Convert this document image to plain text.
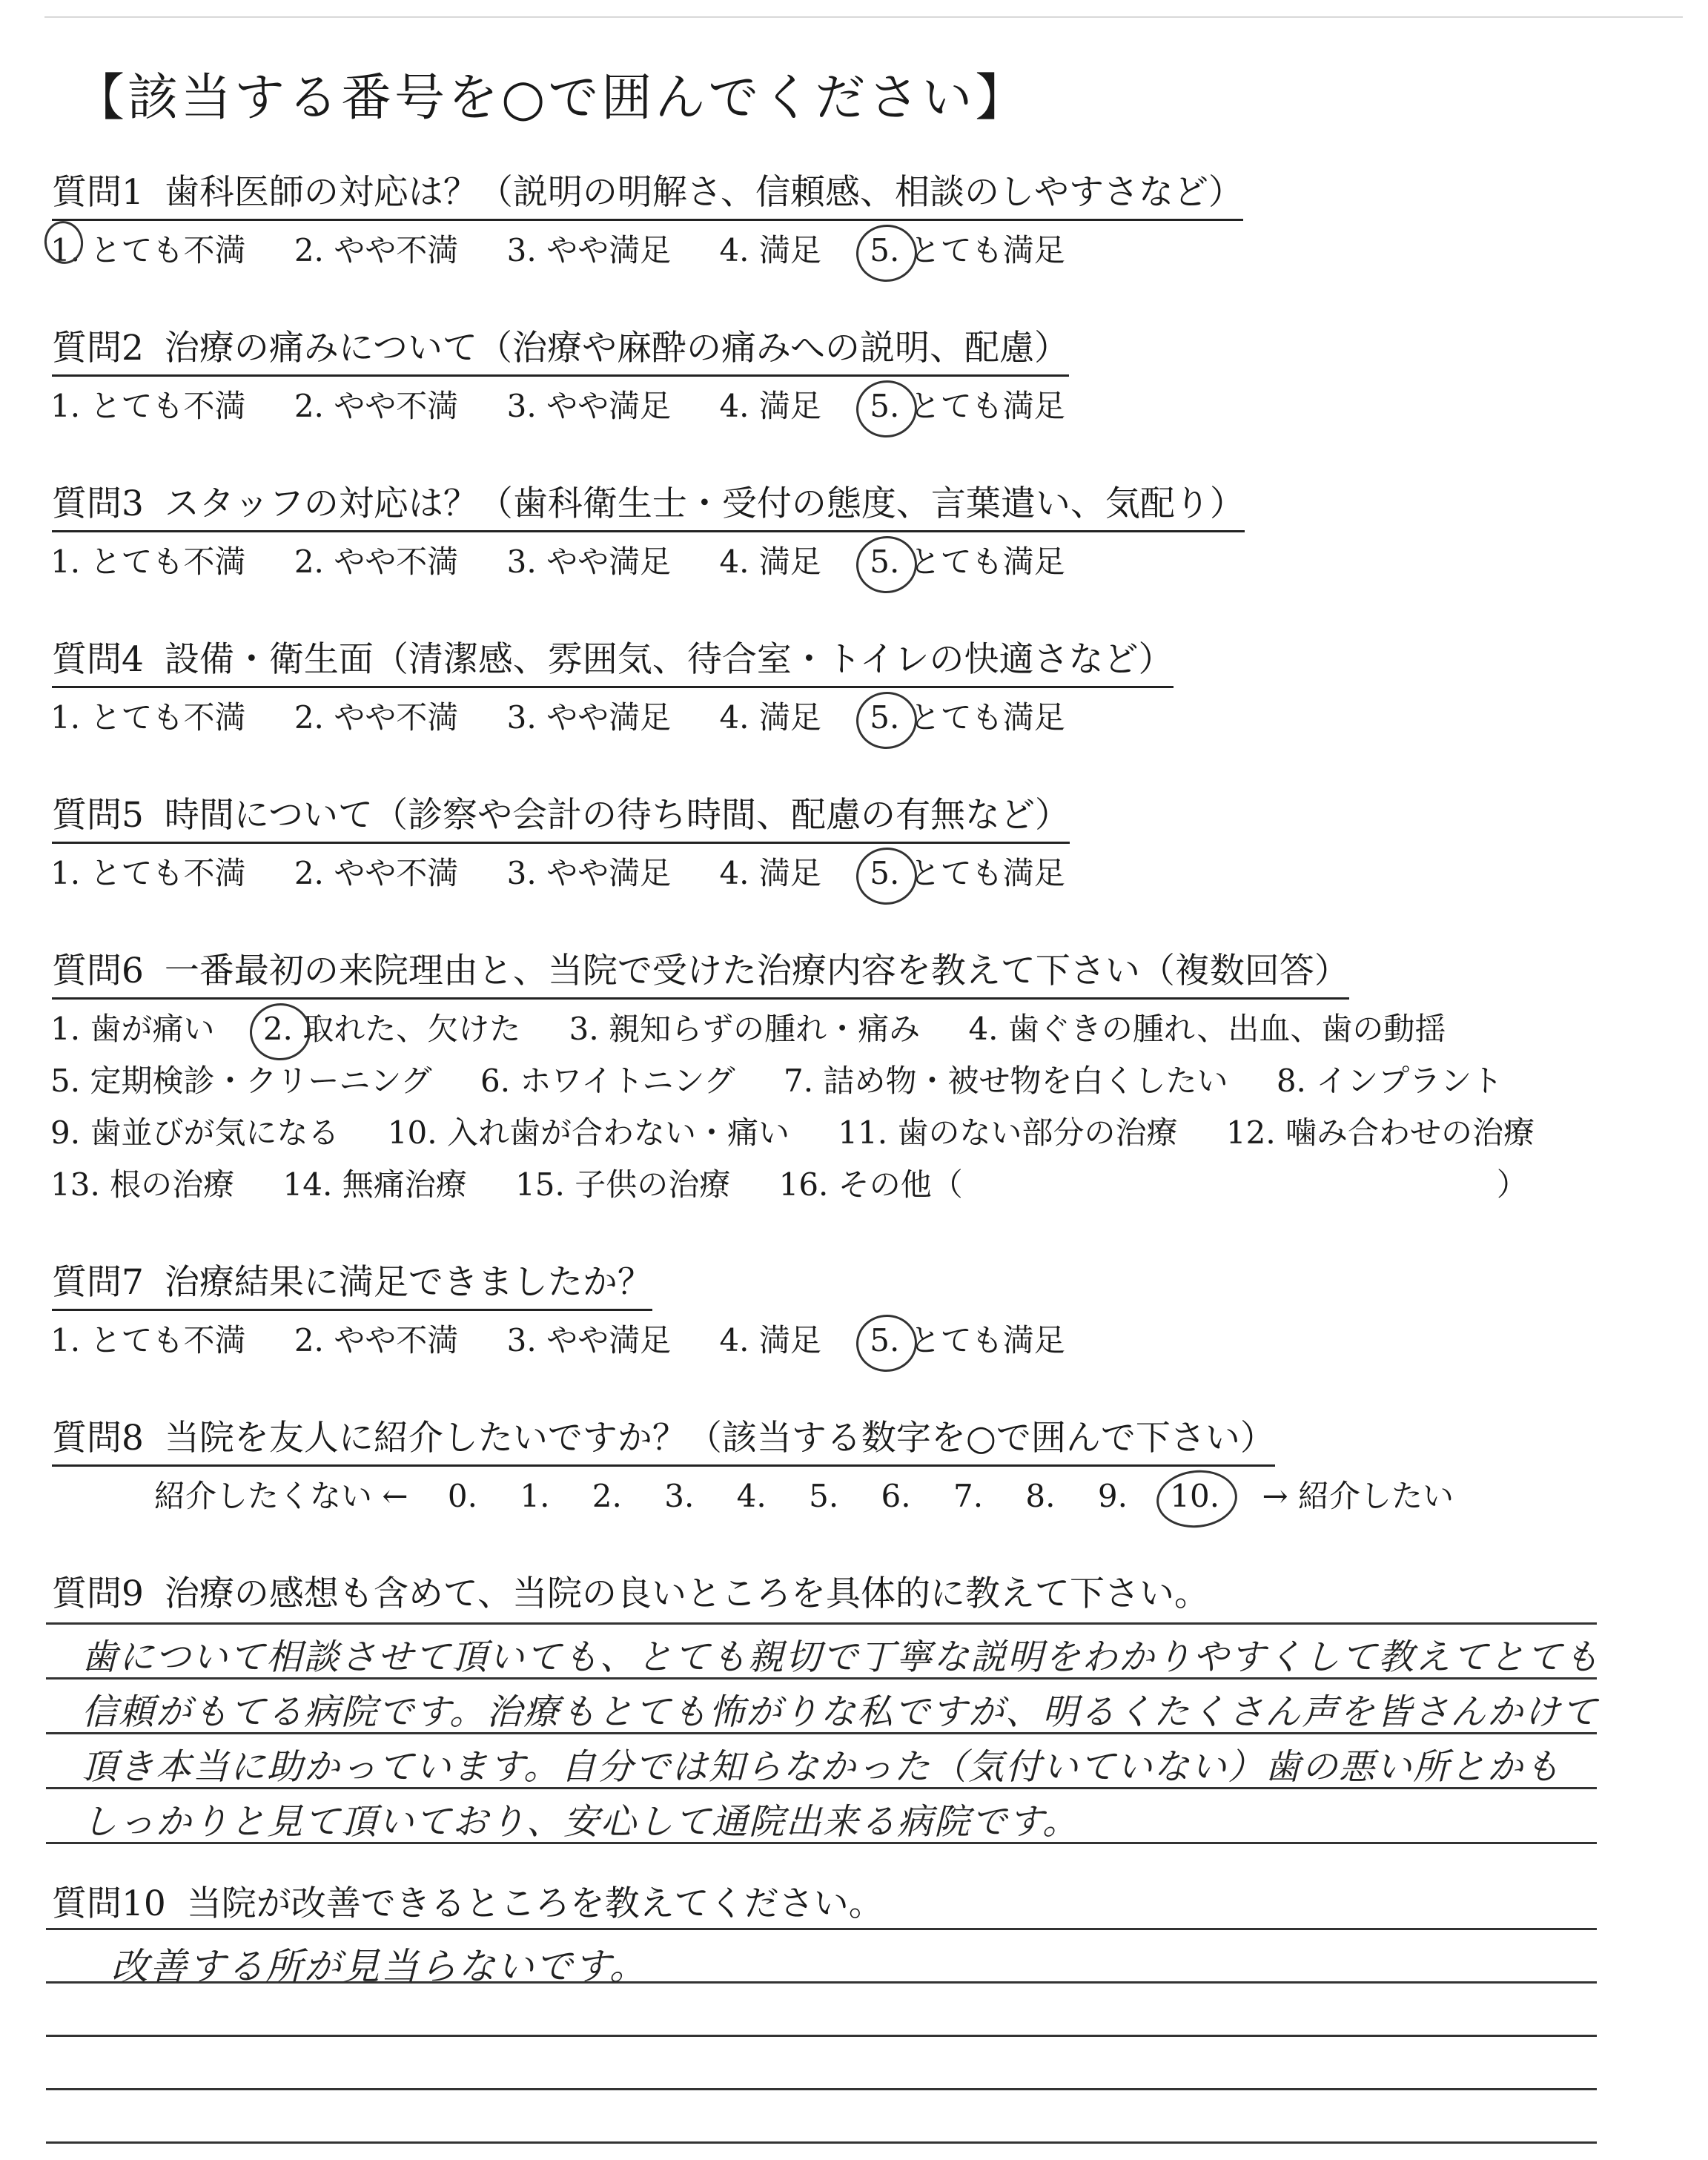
【該当する番号を○で囲んでください】
質問1 歯科医師の対応は？（説明の明解さ、信頼感、相談のしやすさなど）
1. とても不満 2. やや不満 3. やや満足 4. 満足 5. とても満足
質問2 治療の痛みについて（治療や麻酔の痛みへの説明、配慮）
1. とても不満 2. やや不満 3. やや満足 4. 満足 5. とても満足
質問3 スタッフの対応は？（歯科衛生士・受付の態度、言葉遣い、気配り）
1. とても不満 2. やや不満 3. やや満足 4. 満足 5. とても満足
質問4 設備・衛生面（清潔感、雰囲気、待合室・トイレの快適さなど）
1. とても不満 2. やや不満 3. やや満足 4. 満足 5. とても満足
質問5 時間について（診察や会計の待ち時間、配慮の有無など）
1. とても不満 2. やや不満 3. やや満足 4. 満足 5. とても満足
質問6 一番最初の来院理由と、当院で受けた治療内容を教えて下さい（複数回答）
1. 歯が痛い 2. 取れた、欠けた 3. 親知らずの腫れ・痛み 4. 歯ぐきの腫れ、出血、歯の動揺
5. 定期検診・クリーニング 6. ホワイトニング 7. 詰め物・被せ物を白くしたい 8. インプラント
9. 歯並びが気になる 10. 入れ歯が合わない・痛い 11. 歯のない部分の治療 12. 噛み合わせの治療
13. 根の治療 14. 無痛治療 15. 子供の治療 16. その他（	）
質問7 治療結果に満足できましたか？
1. とても不満 2. やや不満 3. やや満足 4. 満足 5. とても満足
質問8 当院を友人に紹介したいですか？（該当する数字を○で囲んで下さい）
紹介したくない ← 0. 1. 2. 3. 4. 5. 6. 7. 8. 9. 10. → 紹介したい
質問9 治療の感想も含めて、当院の良いところを具体的に教えて下さい。
歯について相談させて頂いても、とても親切で丁寧な説明をわかりやすくして教えてとても
信頼がもてる病院です。治療もとても怖がりな私ですが、明るくたくさん声を皆さんかけて
頂き本当に助かっています。自分では知らなかった（気付いていない）歯の悪い所とかも
しっかりと見て頂いており、安心して通院出来る病院です。
質問10 当院が改善できるところを教えてください。
改善する所が見当らないです。
